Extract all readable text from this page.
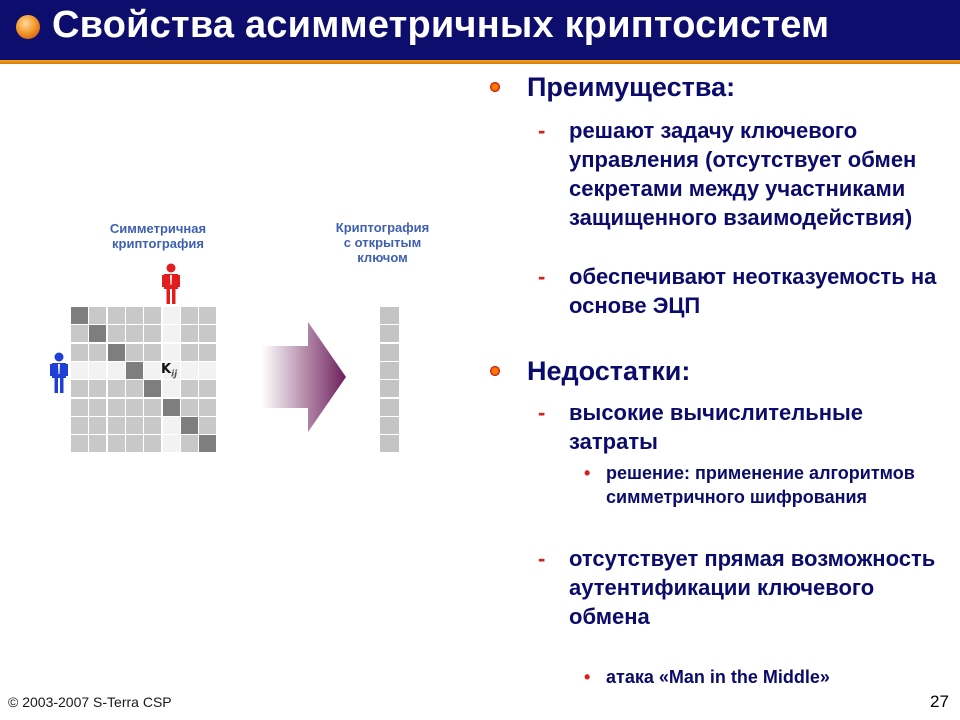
Свойства асимметричных криптосистем
Симметричная
криптография
Криптография
с открытым
ключом
$K_{ij}$
Преимущества:
- решают задачу ключевого управления (отсутствует обмен секретами между участниками защищенного взаимодействия)
- обеспечивают неотказуемость на основе ЭЦП
Недостатки:
- высокие вычислительные затраты
• решение: применение алгоритмов симметричного шифрования
- отсутствует прямая возможность аутентификации ключевого обмена
• атака «Man in the Middle»
© 2003-2007 S-Terra CSP	27
